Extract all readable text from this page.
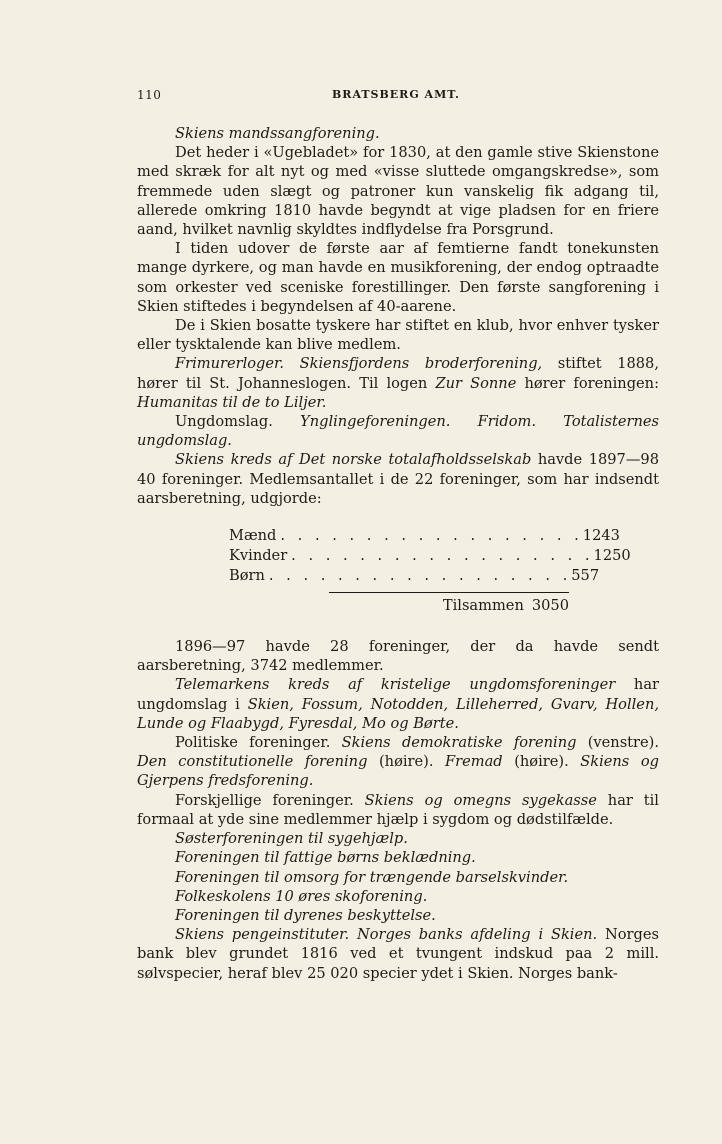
110	BRATSBERG AMT.

Skiens mandssangforening.

Det heder i «Ugebladet» for 1830, at den gamle stive Skienstone med skræk for alt nyt og med «visse sluttede omgangskredse», som fremmede uden slægt og patroner kun vanskelig fik adgang til, allerede omkring 1810 havde begyndt at vige pladsen for en friere aand, hvilket navnlig skyldtes indflydelse fra Porsgrund.

I tiden udover de første aar af femtierne fandt tonekunsten mange dyrkere, og man havde en musikforening, der endog optraadte som orkester ved sceniske forestillinger. Den første sangforening i Skien stiftedes i begyndelsen af 40-aarene.

De i Skien bosatte tyskere har stiftet en klub, hvor enhver tysker eller tysktalende kan blive medlem.

Frimurerloger. Skiensfjordens broderforening, stiftet 1888, hører til St. Johanneslogen. Til logen Zur Sonne hører foreningen: Humanitas til de to Liljer.

Ungdomslag. Ynglingeforeningen. Fridom. Totalisternes ungdomslag.

Skiens kreds af Det norske totalafholdsselskab havde 1897—98 40 foreninger. Medlemsantallet i de 22 foreninger, som har indsendt aarsberetning, udgjorde:

Mænd . . . . . . . . . . . . . . . . . . 1243
Kvinder . . . . . . . . . . . . . . . . . . 1250
Børn . . . . . . . . . . . . . . . . . . 557
Tilsammen 3050

1896—97 havde 28 foreninger, der da havde sendt aarsberetning, 3742 medlemmer.

Telemarkens kreds af kristelige ungdomsforeninger har ungdomslag i Skien, Fossum, Notodden, Lilleherred, Gvarv, Hollen, Lunde og Flaabygd, Fyresdal, Mo og Børte.

Politiske foreninger. Skiens demokratiske forening (venstre). Den constitutionelle forening (høire). Fremad (høire). Skiens og Gjerpens fredsforening.

Forskjellige foreninger. Skiens og omegns sygekasse har til formaal at yde sine medlemmer hjælp i sygdom og dødstilfælde.

Søsterforeningen til sygehjælp.

Foreningen til fattige børns beklædning.

Foreningen til omsorg for trængende barselskvinder.

Folkeskolens 10 øres skoforening.

Foreningen til dyrenes beskyttelse.

Skiens pengeinstituter. Norges banks afdeling i Skien. Norges bank blev grundet 1816 ved et tvungent indskud paa 2 mill. sølvspecier, heraf blev 25 020 specier ydet i Skien. Norges bank-
